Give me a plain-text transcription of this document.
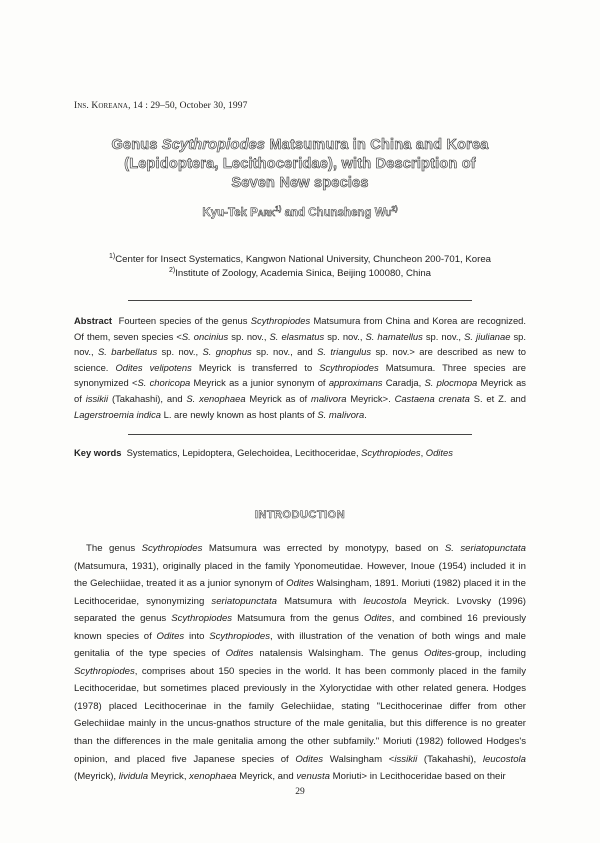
Ins. Koreana, 14 : 29–50, October 30, 1997
Genus Scythropiodes Matsumura in China and Korea
(Lepidoptera, Lecithoceridae), with Description of
Seven New species
Kyu-Tek Park$^{1)}$ and Chunsheng Wu$^{2)}$
$^{1)}$Center for Insect Systematics, Kangwon National University, Chuncheon 200-701, Korea
$^{2)}$Institute of Zoology, Academia Sinica, Beijing 100080, China
Abstract Fourteen species of the genus Scythropiodes Matsumura from China and Korea are recognized. Of them, seven species <S. oncinius sp. nov., S. elasmatus sp. nov., S. hamatellus sp. nov., S. jiulianae sp. nov., S. barbellatus sp. nov., S. gnophus sp. nov., and S. triangulus sp. nov.> are described as new to science. Odites velipotens Meyrick is transferred to Scythropiodes Matsumura. Three species are synonymized <S. choricopa Meyrick as a junior synonym of approximans Caradja, S. plocmopa Meyrick as of issikii (Takahashi), and S. xenophaea Meyrick as of malivora Meyrick>. Castaena crenata S. et Z. and Lagerstroemia indica L. are newly known as host plants of S. malivora.
Key words Systematics, Lepidoptera, Gelechoidea, Lecithoceridae, Scythropiodes, Odites
INTRODUCTION
The genus Scythropiodes Matsumura was errected by monotypy, based on S. seriatopunctata (Matsumura, 1931), originally placed in the family Yponomeutidae. However, Inoue (1954) included it in the Gelechiidae, treated it as a junior synonym of Odites Walsingham, 1891. Moriuti (1982) placed it in the Lecithoceridae, synonymizing seriatopunctata Matsumura with leucostola Meyrick. Lvovsky (1996) separated the genus Scythropiodes Matsumura from the genus Odites, and combined 16 previously known species of Odites into Scythropiodes, with illustration of the venation of both wings and male genitalia of the type species of Odites natalensis Walsingham. The genus Odites-group, including Scythropiodes, comprises about 150 species in the world. It has been commonly placed in the family Lecithoceridae, but sometimes placed previously in the Xyloryctidae with other related genera. Hodges (1978) placed Lecithocerinae in the family Gelechiidae, stating "Lecithocerinae differ from other Gelechiidae mainly in the uncus-gnathos structure of the male genitalia, but this difference is no greater than the differences in the male genitalia among the other subfamily." Moriuti (1982) followed Hodges's opinion, and placed five Japanese species of Odites Walsingham <issikii (Takahashi), leucostola (Meyrick), lividula Meyrick, xenophaea Meyrick, and venusta Moriuti> in Lecithoceridae based on their
29
